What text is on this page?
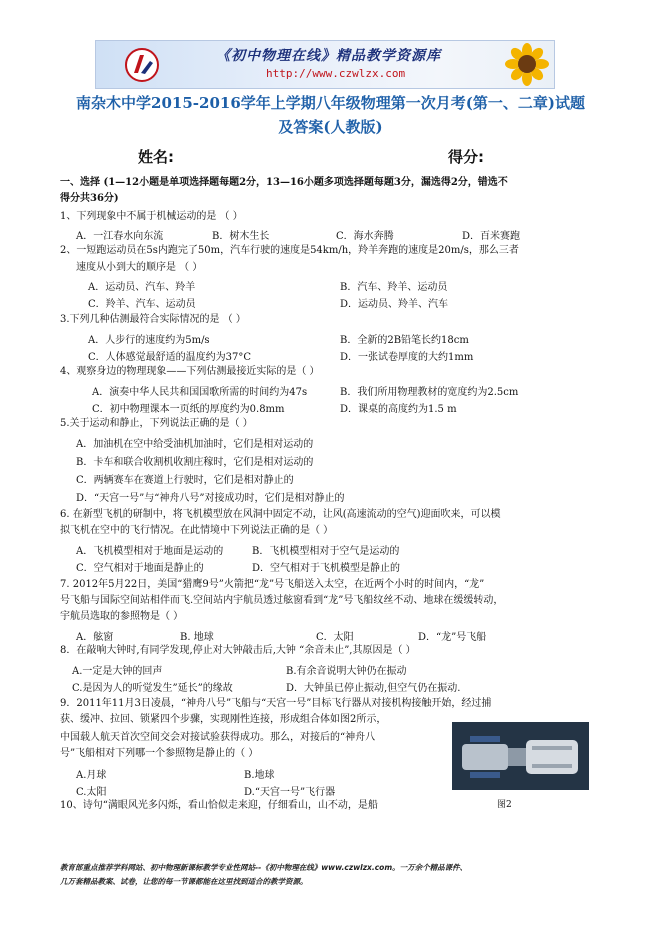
《初中物理在线》精品教学资源库
http://www.czwlzx.com
南杂木中学2015-2016学年上学期八年级物理第一次月考(第一、二章)试题
及答案(人教版)
姓名:	得分:
一、选择 (1—12小题是单项选择题每题2分，13—16小题多项选择题每题3分，漏选得2分，错选不
得分共36分)
1、下列现象中不属于机械运动的是 （ ）
A．一江春水向东流	B．树木生长	C．海水奔腾	D．百米赛跑
2、一短跑运动员在5s内跑完了50m，汽车行驶的速度是54km/h，羚羊奔跑的速度是20m/s，那么三者
速度从小到大的顺序是 （ ）
A．运动员、汽车、羚羊	B．汽车、羚羊、运动员
C．羚羊、汽车、运动员	D．运动员、羚羊、汽车
3.下列几种估测最符合实际情况的是 （ ）
A．人步行的速度约为5m/s	B．全新的2B铅笔长约18cm
C．人体感觉最舒适的温度约为37°C	D．一张试卷厚度的大约1mm
4、观察身边的物理现象——下列估测最接近实际的是（ ）
A．演奏中华人民共和国国歌所需的时间约为47s	B．我们所用物理教材的宽度约为2.5cm
C．初中物理课本一页纸的厚度约为0.8mm	D．课桌的高度约为1.5 m
5.关于运动和静止，下列说法正确的是（ ）
A．加油机在空中给受油机加油时，它们是相对运动的
B．卡车和联合收割机收割庄稼时，它们是相对运动的
C．两辆赛车在赛道上行驶时，它们是相对静止的
D．“天宫一号”与“神舟八号”对接成功时，它们是相对静止的
6. 在新型飞机的研制中，将飞机模型放在风洞中固定不动，让风(高速流动的空气)迎面吹来，可以模
拟飞机在空中的飞行情况。在此情境中下列说法正确的是（ ）
A．飞机模型相对于地面是运动的	B．飞机模型相对于空气是运动的
C．空气相对于地面是静止的	D．空气相对于飞机模型是静止的
7. 2012年5月22日，美国“猎鹰9号”火箭把“龙”号飞船送入太空，在近两个小时的时间内，“龙”
号飞船与国际空间站相伴而飞.空间站内宇航员透过舷窗看到“龙”号飞船纹丝不动、地球在缓缓转动，
宇航员选取的参照物是（ ）
A．舷窗	B. 地球	C．太阳	D．“龙”号飞船
8．在敲响大钟时,有同学发现,停止对大钟敲击后,大钟 “余音未止”,其原因是（ ）
A.一定是大钟的回声	B.有余音说明大钟仍在振动
C.是因为人的听觉发生”延长”的缘故	D．大钟虽已停止振动,但空气仍在振动.
9．2011年11月3日凌晨，“神舟八号”飞船与“天宫一号”目标飞行器从对接机构接触开始，经过捕
获、缓冲、拉回、锁紧四个步骤，实现刚性连接，形成组合体如图2所示，
中国载人航天首次空间交会对接试验获得成功。那么，对接后的“神舟八
号”飞船相对下列哪一个参照物是静止的（ ）
A.月球	B.地球
C.太阳	D.“天宫一号”飞行器
图2
10、诗句“满眼风光多闪烁，看山恰似走来迎，仔细看山，山不动，是船
教育部重点推荐学科网站、初中物理新课标教学专业性网站--《初中物理在线》www.czwlzx.com。一万余个精品课件、
几万套精品教案、试卷，让您的每一节课都能在这里找到适合的教学资源。
